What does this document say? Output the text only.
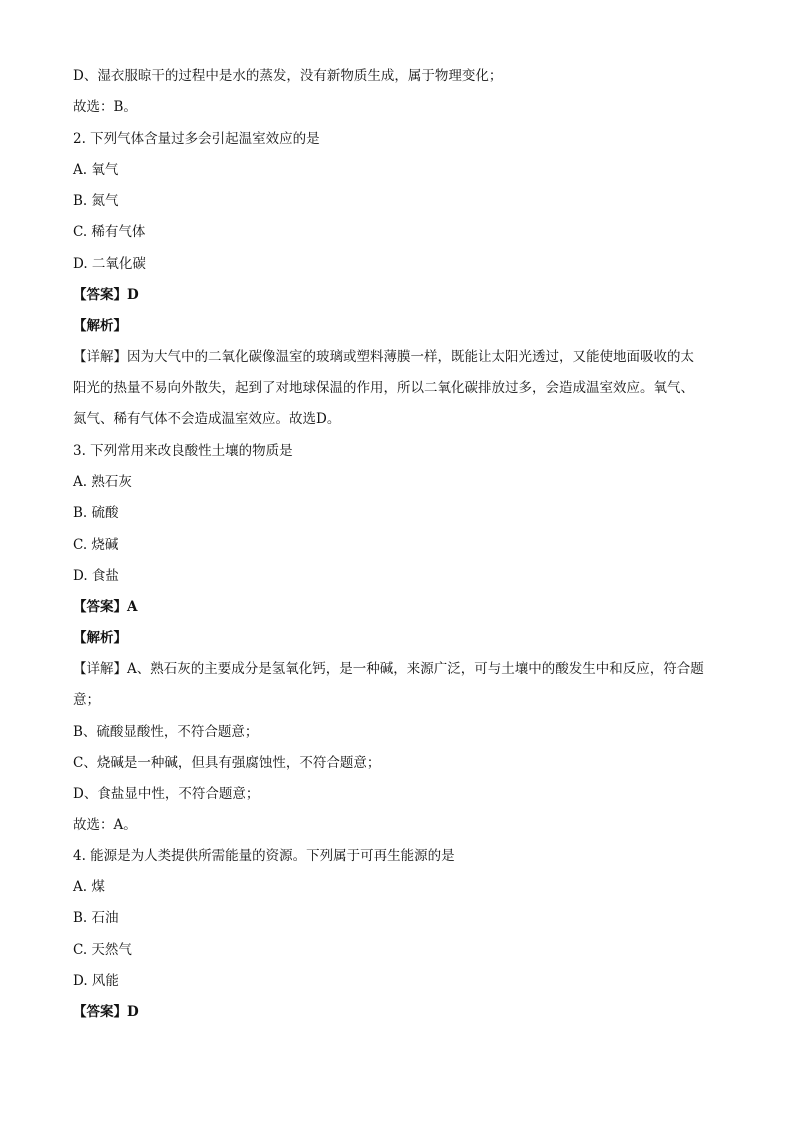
D、湿衣服晾干的过程中是水的蒸发，没有新物质生成，属于物理变化；
故选：B。
2. 下列气体含量过多会引起温室效应的是
A. 氧气
B. 氮气
C. 稀有气体
D. 二氧化碳
【答案】D
【解析】
【详解】因为大气中的二氧化碳像温室的玻璃或塑料薄膜一样，既能让太阳光透过，又能使地面吸收的太
阳光的热量不易向外散失，起到了对地球保温的作用，所以二氧化碳排放过多，会造成温室效应。氧气、
氮气、稀有气体不会造成温室效应。故选D。
3. 下列常用来改良酸性土壤的物质是
A. 熟石灰
B. 硫酸
C. 烧碱
D. 食盐
【答案】A
【解析】
【详解】A、熟石灰的主要成分是氢氧化钙，是一种碱，来源广泛，可与土壤中的酸发生中和反应，符合题
意；
B、硫酸显酸性，不符合题意；
C、烧碱是一种碱，但具有强腐蚀性，不符合题意；
D、食盐显中性，不符合题意；
故选：A。
4. 能源是为人类提供所需能量的资源。下列属于可再生能源的是
A. 煤
B. 石油
C. 天然气
D. 风能
【答案】D
